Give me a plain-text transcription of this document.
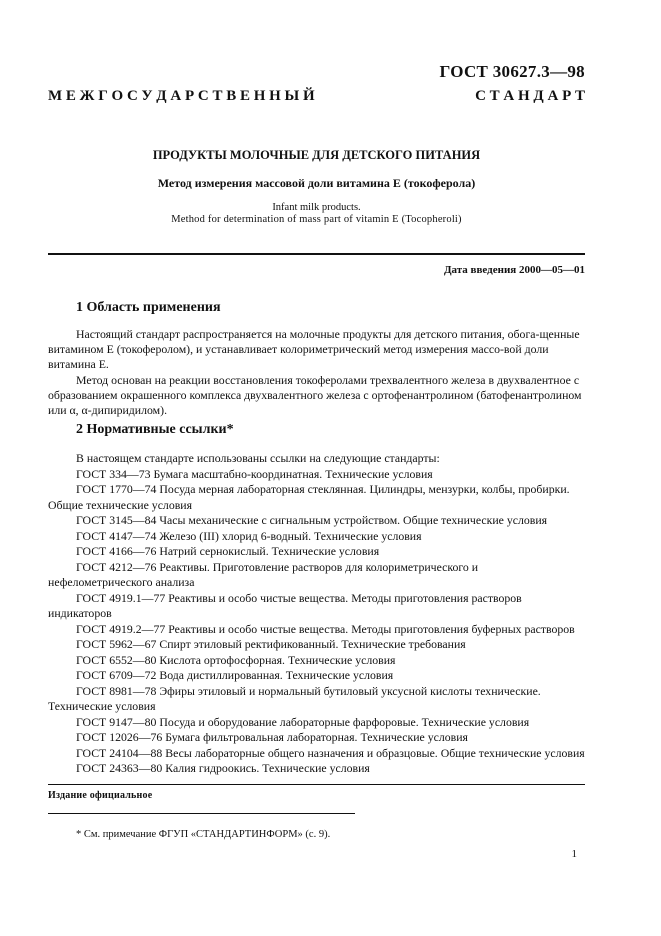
ГОСТ 30627.3—98
М Е Ж Г О С У Д А Р С Т В Е Н Н Ы Й	С Т А Н Д А Р Т
ПРОДУКТЫ МОЛОЧНЫЕ ДЛЯ ДЕТСКОГО ПИТАНИЯ
Метод измерения массовой доли витамина Е (токоферола)
Infant milk products.
Method for determination of mass part of vitamin E (Tocopheroli)
Дата введения 2000—05—01
1 Область применения

Настоящий стандарт распространяется на молочные продукты для детского питания, обога-щенные витамином Е (токоферолом), и устанавливает колориметрический метод измерения массо-вой доли витамина Е.

Метод основан на реакции восстановления токоферолами трехвалентного железа в двухвалентное с образованием окрашенного комплекса двухвалентного железа с ортофенантролином (батофенантролином или α, α-дипиридилом).

2 Нормативные ссылки*

В настоящем стандарте использованы ссылки на следующие стандарты:

ГОСТ 334—73 Бумага масштабно-координатная. Технические условия

ГОСТ 1770—74 Посуда мерная лабораторная стеклянная. Цилиндры, мензурки, колбы, пробирки. Общие технические условия

ГОСТ 3145—84 Часы механические с сигнальным устройством. Общие технические условия

ГОСТ 4147—74 Железо (III) хлорид 6-водный. Технические условия

ГОСТ 4166—76 Натрий сернокислый. Технические условия

ГОСТ 4212—76 Реактивы. Приготовление растворов для колориметрического и нефелометрического анализа

ГОСТ 4919.1—77 Реактивы и особо чистые вещества. Методы приготовления растворов индикаторов

ГОСТ 4919.2—77 Реактивы и особо чистые вещества. Методы приготовления буферных растворов

ГОСТ 5962—67 Спирт этиловый ректификованный. Технические требования

ГОСТ 6552—80 Кислота ортофосфорная. Технические условия

ГОСТ 6709—72 Вода дистиллированная. Технические условия

ГОСТ 8981—78 Эфиры этиловый и нормальный бутиловый уксусной кислоты технические. Технические условия

ГОСТ 9147—80 Посуда и оборудование лабораторные фарфоровые. Технические условия

ГОСТ 12026—76 Бумага фильтровальная лабораторная. Технические условия

ГОСТ 24104—88 Весы лабораторные общего назначения и образцовые. Общие технические условия

ГОСТ 24363—80 Калия гидроокись. Технические условия

Издание официальное
* См. примечание ФГУП «СТАНДАРТИНФОРМ» (с. 9).
1
